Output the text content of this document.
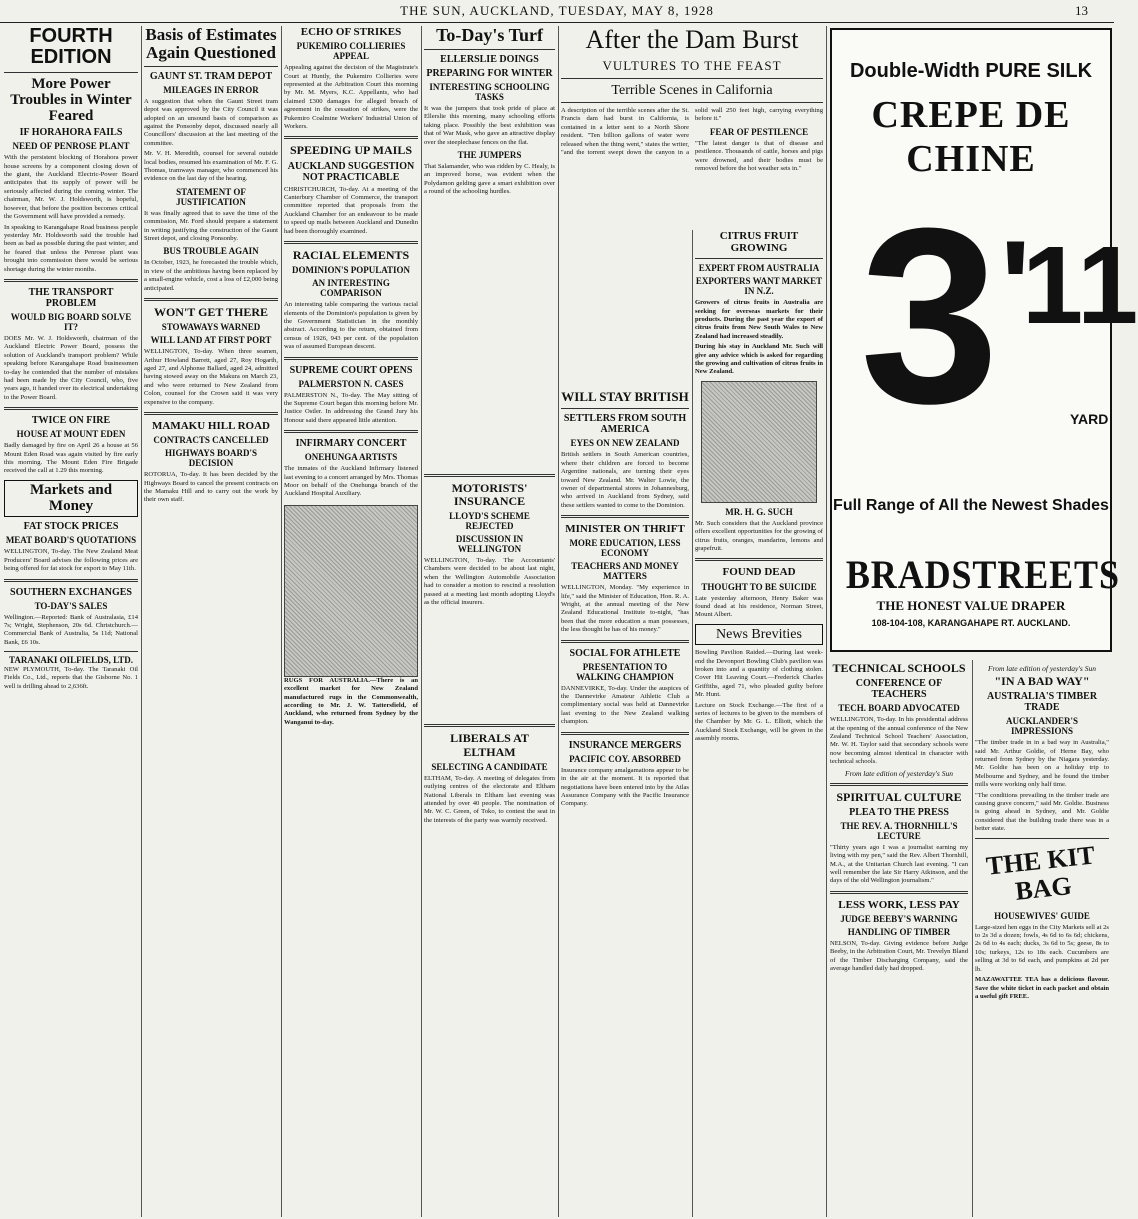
THE SUN, AUCKLAND, TUESDAY, MAY 8, 1928	13
FOURTH EDITION
More Power Troubles in Winter Feared
IF HORAHORA FAILS
NEED OF PENROSE PLANT

With the persistent blocking of Horahora power house screens by a component closing down of the giant, the Auckland Electric-Power Board anticipates that its supply of power will be seriously affected during the coming winter. The chairman, Mr. W. J. Holdsworth, is hopeful, however, that before the position becomes critical the Government will have provided a remedy.

In speaking to Karangahape Road business people yesterday Mr. Holdsworth said the trouble had been as bad as possible during the past winter, and he feared that unless the Penrose plant was brought into commission there would be serious shortage during the winter months.

THE TRANSPORT PROBLEM
WOULD BIG BOARD SOLVE IT?

DOES Mr. W. J. Holdsworth, chairman of the Auckland Electric Power Board, possess the solution of Auckland's transport problem? While speaking before Karangahape Road businessmen to-day he contended that the number of mistakes had been made by the City Council, who, five years ago, it handed over its electrical undertaking to the Power Board.

TWICE ON FIRE
HOUSE AT MOUNT EDEN

Badly damaged by fire on April 26 a house at 56 Mount Eden Road was again visited by fire early this morning. The Mount Eden Fire Brigade received the call at 1.29 this morning.

Markets and Money
FAT STOCK PRICES
MEAT BOARD'S QUOTATIONS

WELLINGTON, To-day. The New Zealand Meat Producers' Board advises the following prices are being offered for fat stock for export to May 11th.

SOUTHERN EXCHANGES
TO-DAY'S SALES

Wellington.—Reported: Bank of Australasia, £14 7s; Wright, Stephenson, 20s 6d. Christchurch.—Commercial Bank of Australia, 5s 11d; National Bank, £6 10s.

TARANAKI OILFIELDS, LTD.

NEW PLYMOUTH, To-day. The Taranaki Oil Fields Co., Ltd., reports that the Gisborne No. 1 well is drilling ahead to 2,636ft.

Basis of Estimates Again Questioned
GAUNT ST. TRAM DEPOT
MILEAGES IN ERROR

A suggestion that when the Gaunt Street tram depot was approved by the City Council it was adopted on an unsound basis of comparison as against the Ponsonby depot, discussed nearly all Councillors' discussion at the last meeting of the committee.

Mr. V. H. Meredith, counsel for several outside local bodies, resumed his examination of Mr. F. G. Thomas, tramways manager, who commenced his evidence on the last day of the hearing.

STATEMENT OF JUSTIFICATION

It was finally agreed that to save the time of the commission, Mr. Ford should prepare a statement in writing justifying the construction of the Gaunt Street depot, and closing Ponsonby.

BUS TROUBLE AGAIN

In October, 1923, he forecasted the trouble which, in view of the ambitious having been replaced by a small-engine vehicle, cost a loss of £2,000 being anticipated.

WON'T GET THERE
STOWAWAYS WARNED
WILL LAND AT FIRST PORT

WELLINGTON, To-day. When three seamen, Arthur Howland Barrett, aged 27, Roy Hogarth, aged 27, and Alphonse Ballard, aged 24, admitted having stowed away on the Makura on March 23, and who were returned to New Zealand from Colon, counsel for the Crown said it was very expensive to the company.

MAMAKU HILL ROAD
CONTRACTS CANCELLED
HIGHWAYS BOARD'S DECISION

ROTORUA, To-day. It has been decided by the Highways Board to cancel the present contracts on the Mamaku Hill and to carry out the work by their own staff.

ECHO OF STRIKES
PUKEMIRO COLLIERIES APPEAL

Appealing against the decision of the Magistrate's Court at Huntly, the Pukemiro Collieries were represented at the Arbitration Court this morning by Mr. M. Myers, K.C. Appellants, who had claimed £300 damages for alleged breach of agreement in the cessation of strikes, were the Pukemiro Coalmine Workers' Industrial Union of Workers.

SPEEDING UP MAILS
AUCKLAND SUGGESTION NOT PRACTICABLE

CHRISTCHURCH, To-day. At a meeting of the Canterbury Chamber of Commerce, the transport committee reported that proposals from the Auckland Chamber for an endeavour to be made to speed up mails between Auckland and Dunedin had been thoroughly examined.

RACIAL ELEMENTS
DOMINION'S POPULATION
AN INTERESTING COMPARISON

An interesting table comparing the various racial elements of the Dominion's population is given by the Government Statistician in the monthly abstract. According to the return, obtained from census of 1926, 943 per cent. of the population was of assumed European descent.

SUPREME COURT OPENS
PALMERSTON N. CASES

PALMERSTON N., To-day. The May sitting of the Supreme Court began this morning before Mr. Justice Ostler. In addressing the Grand Jury his Honour said there appeared little attention.

INFIRMARY CONCERT
ONEHUNGA ARTISTS

The inmates of the Auckland Infirmary listened last evening to a concert arranged by Mrs. Thomas Moor on behalf of the Onehunga branch of the Auckland Hospital Auxiliary.

RUGS FOR AUSTRALIA.—There is an excellent market for New Zealand manufactured rugs in the Commonwealth, according to Mr. J. W. Tattersfield, of Auckland, who returned from Sydney by the Wanganui to-day.

To-Day's Turf
ELLERSLIE DOINGS
PREPARING FOR WINTER
INTERESTING SCHOOLING TASKS

It was the jumpers that took pride of place at Ellerslie this morning, many schooling efforts taking place. Possibly the best exhibition was that of War Mask, who gave an attractive display over the steeplechase fences on the flat.

THE JUMPERS

That Salamander, who was ridden by C. Healy, is an improved horse, was evident when the Polydamon gelding gave a smart exhibition over a round of the schooling hurdles.

MOTORISTS' INSURANCE
LLOYD'S SCHEME REJECTED
DISCUSSION IN WELLINGTON

WELLINGTON, To-day. The Accountants' Chambers were decided to be about last night, when the Wellington Automobile Association had to consider a motion to rescind a resolution passed at a meeting last month adopting Lloyd's as the official insurers.

LIBERALS AT ELTHAM
SELECTING A CANDIDATE

ELTHAM, To-day. A meeting of delegates from outlying centres of the electorate and Eltham National Liberals in Eltham last evening was attended by over 40 people. The nomination of Mr. W. C. Green, of Toko, to contest the seat in the interests of the party was warmly received.

After the Dam Burst
VULTURES TO THE FEAST
Terrible Scenes in California

A description of the terrible scenes after the St. Francis dam had burst in California, is contained in a letter sent to a North Shore resident. "Ten billion gallons of water were released when the thing went," states the writer, "and the torrent swept down the canyon in a solid wall 250 feet high, carrying everything before it."

FEAR OF PESTILENCE

"The latest danger is that of disease and pestilence. Thousands of cattle, horses and pigs were drowned, and their bodies must be removed before the hot weather sets in."

WILL STAY BRITISH
SETTLERS FROM SOUTH AMERICA
EYES ON NEW ZEALAND

British settlers in South American countries, where their children are forced to become Argentine nationals, are turning their eyes toward New Zealand. Mr. Walter Lowie, the owner of departmental stores in Johannesburg, who arrived in Auckland from Sydney, said these settlers wanted to come to the Dominion.

MINISTER ON THRIFT
MORE EDUCATION, LESS ECONOMY
TEACHERS AND MONEY MATTERS

WELLINGTON, Monday. "My experience in life," said the Minister of Education, Hon. R. A. Wright, at the annual meeting of the New Zealand Educational Institute to-night, "has been that the more education a man possesses, the less thought he has of his money."

SOCIAL FOR ATHLETE
PRESENTATION TO WALKING CHAMPION

DANNEVIRKE, To-day. Under the auspices of the Dannevirke Amateur Athletic Club a complimentary social was held at Dannevirke last evening to the New Zealand walking champion.

INSURANCE MERGERS
PACIFIC COY. ABSORBED

Insurance company amalgamations appear to be in the air at the moment. It is reported that negotiations have been entered into by the Atlas Assurance Company with the Pacific Insurance Company.

CITRUS FRUIT GROWING
EXPERT FROM AUSTRALIA
EXPORTERS WANT MARKET IN N.Z.

Growers of citrus fruits in Australia are seeking for overseas markets for their products. During the past year the export of citrus fruits from New South Wales to New Zealand had increased steadily.

During his stay in Auckland Mr. Such will give any advice which is asked for regarding the growing and cultivation of citrus fruits in New Zealand.

MR. H. G. SUCH

Mr. Such considers that the Auckland province offers excellent opportunities for the growing of citrus fruits, oranges, mandarins, lemons and grapefruit.

FOUND DEAD
THOUGHT TO BE SUICIDE

Late yesterday afternoon, Henry Baker was found dead at his residence, Norman Street, Mount Albert.

News Brevities

Bowling Pavilion Raided.—During last week-end the Devonport Bowling Club's pavilion was broken into and a quantity of clothing stolen. Cover Hit Leaving Court.—Frederick Charles Griffiths, aged 71, who pleaded guilty before Mr. Hunt.

Lecture on Stock Exchange.—The first of a series of lectures to be given to the members of the Chamber by Mr. G. L. Elliott, which the Auckland Stock Exchange, will be given in the assembly rooms.

Double-Width PURE SILK
CREPE DE CHINE
3 '
11
YARD
Full Range of All the Newest Shades
BRADSTREETS
THE HONEST VALUE DRAPER
108-104-108, KARANGAHAPE RT. AUCKLAND.
TECHNICAL SCHOOLS
CONFERENCE OF TEACHERS
TECH. BOARD ADVOCATED

WELLINGTON, To-day. In his presidential address at the opening of the annual conference of the New Zealand Technical School Teachers' Association, Mr. W. H. Taylor said that secondary schools were now becoming almost identical in character with technical schools.

From late edition of yesterday's Sun
SPIRITUAL CULTURE
PLEA TO THE PRESS
THE REV. A. THORNHILL'S LECTURE

"Thirty years ago I was a journalist earning my living with my pen," said the Rev. Albert Thornhill, M.A., at the Unitarian Church last evening. "I can well remember the late Sir Harry Atkinson, and the days of the old Wellington journalism."

LESS WORK, LESS PAY
JUDGE BEEBY'S WARNING
HANDLING OF TIMBER

NELSON, To-day. Giving evidence before Judge Beeby, in the Arbitration Court, Mr. Trevelyn Bland of the Timber Discharging Company, said the average handled daily had dropped.

From late edition of yesterday's Sun
"IN A BAD WAY"
AUSTRALIA'S TIMBER TRADE
AUCKLANDER'S IMPRESSIONS

"The timber trade in in a bad way in Australia," said Mr. Arthur Goldie, of Herne Bay, who returned from Sydney by the Niagara yesterday. Mr. Goldie has been on a holiday trip to Melbourne and Sydney, and he found the timber mills were working only half time.

"The conditions prevailing in the timber trade are causing grave concern," said Mr. Goldie. Business is going ahead in Sydney, and Mr. Goldie considered that the building trade there was in a better state.

THE KIT BAG
HOUSEWIVES' GUIDE

Large-sized hen eggs in the City Markets sell at 2s to 2s 3d a dozen; fowls, 4s 6d to 6s 6d; chickens, 2s 6d to 4s each; ducks, 3s 6d to 5s; geese, 8s to 10s; turkeys, 12s to 18s each. Cucumbers are selling at 3d to 6d each, and pumpkins at 2d per lb.

MAZAWATTEE TEA has a delicious flavour. Save the white ticket in each packet and obtain a useful gift FREE.
